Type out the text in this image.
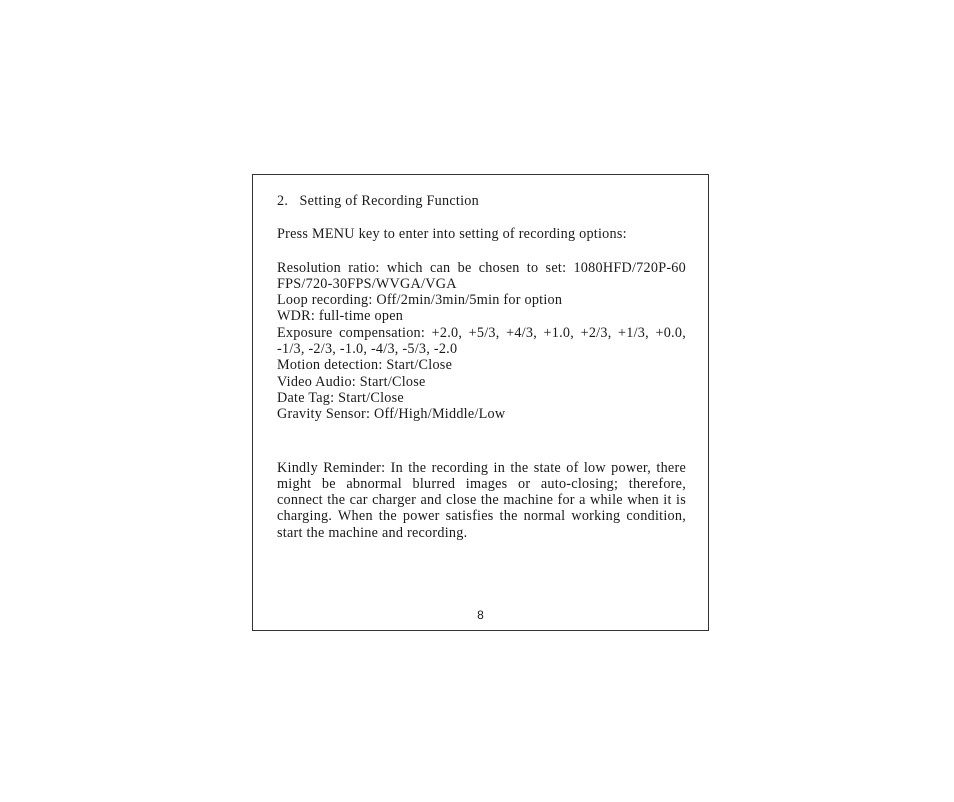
2.   Setting of Recording Function

Press MENU key to enter into setting of recording options:

Resolution ratio: which can be chosen to set: 1080HFD/720P-60   FPS/720-30FPS/WVGA/VGA
Loop recording: Off/2min/3min/5min for option
WDR: full-time open
Exposure compensation: +2.0, +5/3, +4/3, +1.0, +2/3, +1/3, +0.0, -1/3, -2/3, -1.0, -4/3, -5/3, -2.0
Motion detection: Start/Close
Video Audio: Start/Close
Date Tag: Start/Close
Gravity Sensor: Off/High/Middle/Low

Kindly Reminder: In the recording in the state of low power, there might be abnormal blurred images or auto-closing; therefore, connect the car charger and close the machine for a while when it is charging. When the power satisfies the normal working condition, start the machine and recording.

8
